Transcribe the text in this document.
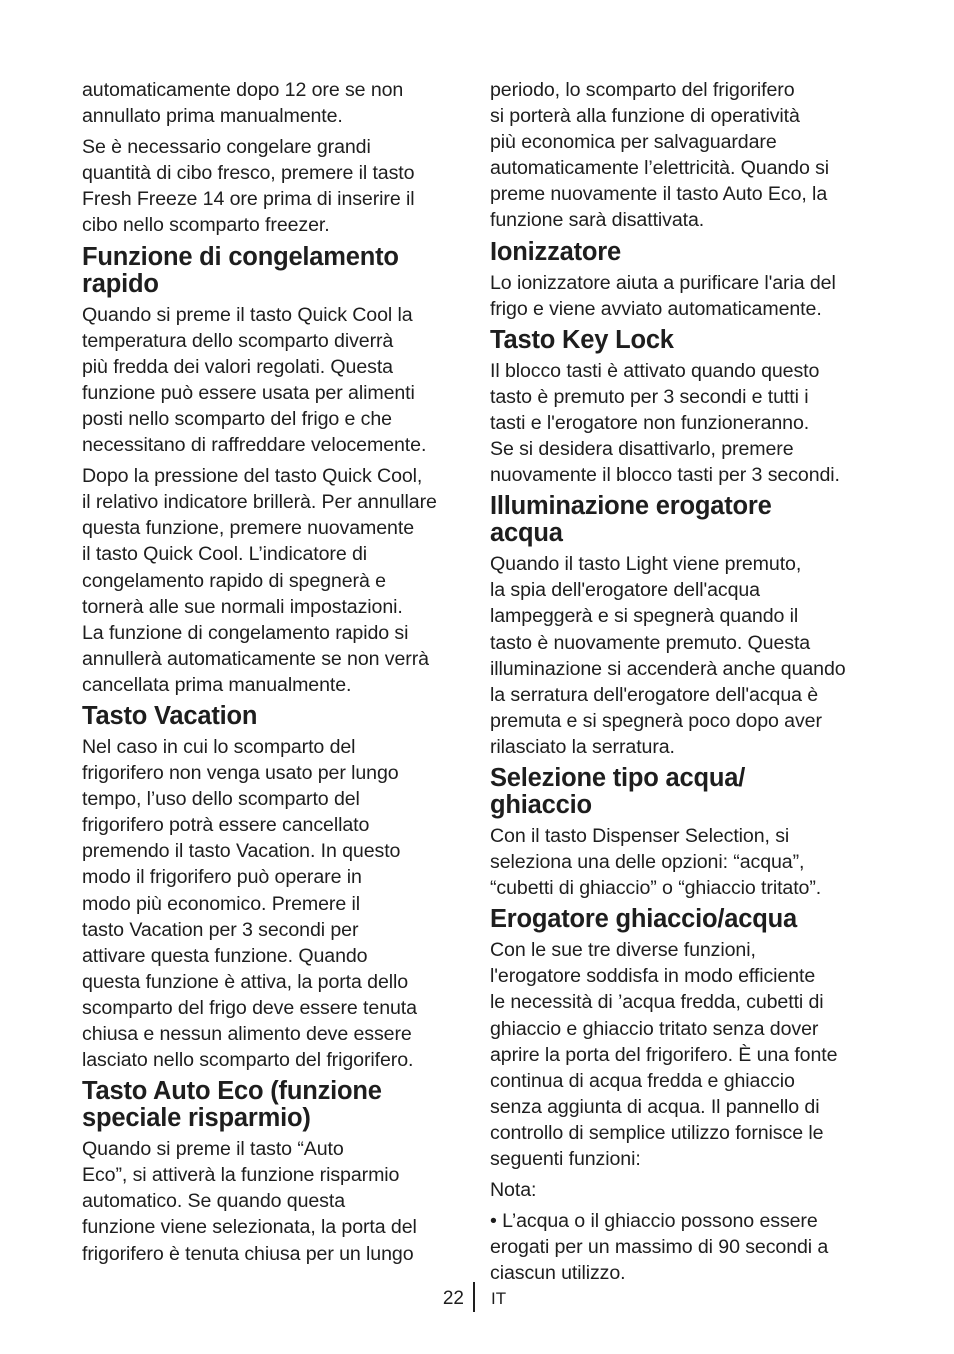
automaticamente dopo 12 ore se non
annullato prima manualmente.

Se è necessario congelare grandi
quantità di cibo fresco, premere il tasto
Fresh Freeze 14 ore prima di inserire il
cibo nello scomparto freezer.

Funzione di congelamento
rapido

Quando si preme il tasto Quick Cool la
temperatura dello scomparto diverrà
più fredda dei valori regolati. Questa
funzione può essere usata per alimenti
posti nello scomparto del frigo e che
necessitano di raffreddare velocemente.

Dopo la pressione del tasto Quick Cool,
il relativo indicatore brillerà. Per annullare
questa funzione, premere nuovamente
il tasto Quick Cool. L’indicatore di
congelamento rapido di spegnerà e
tornerà alle sue normali impostazioni.
La funzione di congelamento rapido si
annullerà automaticamente se non verrà
cancellata prima manualmente.

Tasto Vacation

Nel caso in cui lo scomparto del
frigorifero non venga usato per lungo
tempo, l’uso dello scomparto del
frigorifero potrà essere cancellato
premendo il tasto Vacation. In questo
modo il frigorifero può operare in
modo più economico. Premere il
tasto Vacation per 3 secondi per
attivare questa funzione. Quando
questa funzione è attiva, la porta dello
scomparto del frigo deve essere tenuta
chiusa e nessun alimento deve essere
lasciato nello scomparto del frigorifero.

Tasto Auto Eco (funzione
speciale risparmio)

Quando si preme il tasto “Auto
Eco”, si attiverà la funzione risparmio
automatico. Se quando questa
funzione viene selezionata, la porta del
frigorifero è tenuta chiusa per un lungo

periodo, lo scomparto del frigorifero
si porterà alla funzione di operatività
più economica per salvaguardare
automaticamente l’elettricità. Quando si
preme nuovamente il tasto Auto Eco, la
funzione sarà disattivata.

Ionizzatore

Lo ionizzatore aiuta a purificare l'aria del
frigo e viene avviato automaticamente.

Tasto Key Lock

Il blocco tasti è attivato quando questo
tasto è premuto per 3 secondi e tutti i
tasti e l'erogatore non funzioneranno.
Se si desidera disattivarlo, premere
nuovamente il blocco tasti per 3 secondi.

Illuminazione erogatore
acqua

Quando il tasto Light viene premuto,
la spia dell'erogatore dell'acqua
lampeggerà e si spegnerà quando il
tasto è nuovamente premuto. Questa
illuminazione si accenderà anche quando
la serratura dell'erogatore dell'acqua è
premuta e si spegnerà poco dopo aver
rilasciato la serratura.

Selezione tipo acqua/
ghiaccio

Con il tasto Dispenser Selection, si
seleziona una delle opzioni: “acqua”,
“cubetti di ghiaccio” o “ghiaccio tritato”.

Erogatore ghiaccio/acqua

Con le sue tre diverse funzioni,
l'erogatore soddisfa in modo efficiente
le necessità di ’acqua fredda, cubetti di
ghiaccio e ghiaccio tritato senza dover
aprire la porta del frigorifero. È una fonte
continua di acqua fredda e ghiaccio
senza aggiunta di acqua. Il pannello di
controllo di semplice utilizzo fornisce le
seguenti funzioni:

Nota:

• L’acqua o il ghiaccio possono essere
erogati per un massimo di 90 secondi a
ciascun utilizzo.

22 IT
